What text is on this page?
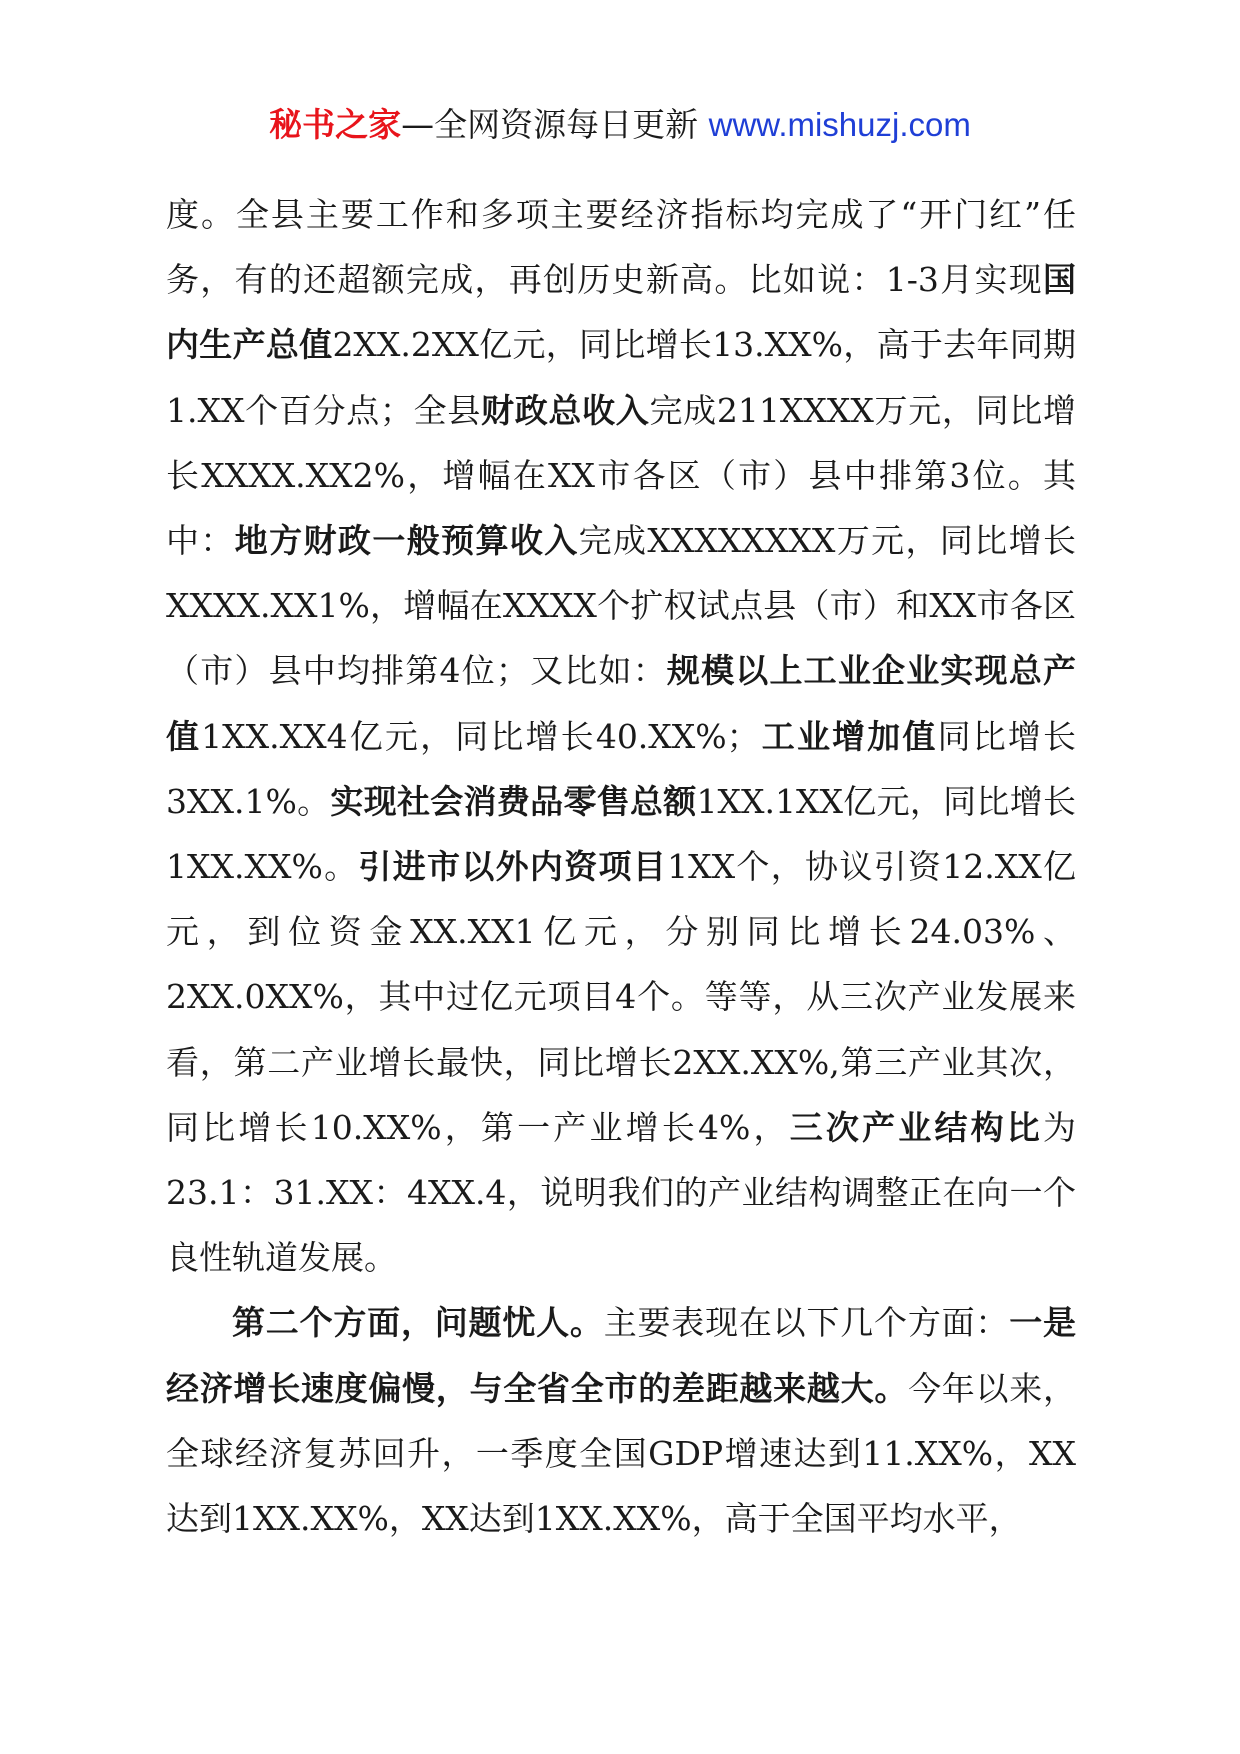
秘书之家—全网资源每日更新 www.mishuzj.com

度。全县主要工作和多项主要经济指标均完成了“开门红”任务，有的还超额完成，再创历史新高。比如说：1-3月实现国内生产总值2XX.2XX亿元，同比增长13.XX%，高于去年同期1.XX个百分点；全县财政总收入完成211XXXX万元，同比增长XXXX.XX2%，增幅在XX市各区（市）县中排第3位。其中：地方财政一般预算收入完成XXXXXXXX万元，同比增长XXXX.XX1%，增幅在XXXX个扩权试点县（市）和XX市各区（市）县中均排第4位；又比如：规模以上工业企业实现总产值1XX.XX4亿元，同比增长40.XX%；工业增加值同比增长3XX.1%。实现社会消费品零售总额1XX.1XX亿元，同比增长1XX.XX%。引进市以外内资项目1XX个，协议引资12.XX亿元，到位资金XX.XX1亿元，分别同比增长24.03%、2XX.0XX%，其中过亿元项目4个。等等，从三次产业发展来看，第二产业增长最快，同比增长2XX.XX%,第三产业其次，同比增长10.XX%，第一产业增长4%，三次产业结构比为23.1：31.XX：4XX.4，说明我们的产业结构调整正在向一个良性轨道发展。

第二个方面，问题忧人。主要表现在以下几个方面：一是经济增长速度偏慢，与全省全市的差距越来越大。今年以来，全球经济复苏回升，一季度全国GDP增速达到11.XX%，XX达到1XX.XX%，XX达到1XX.XX%，高于全国平均水平，
